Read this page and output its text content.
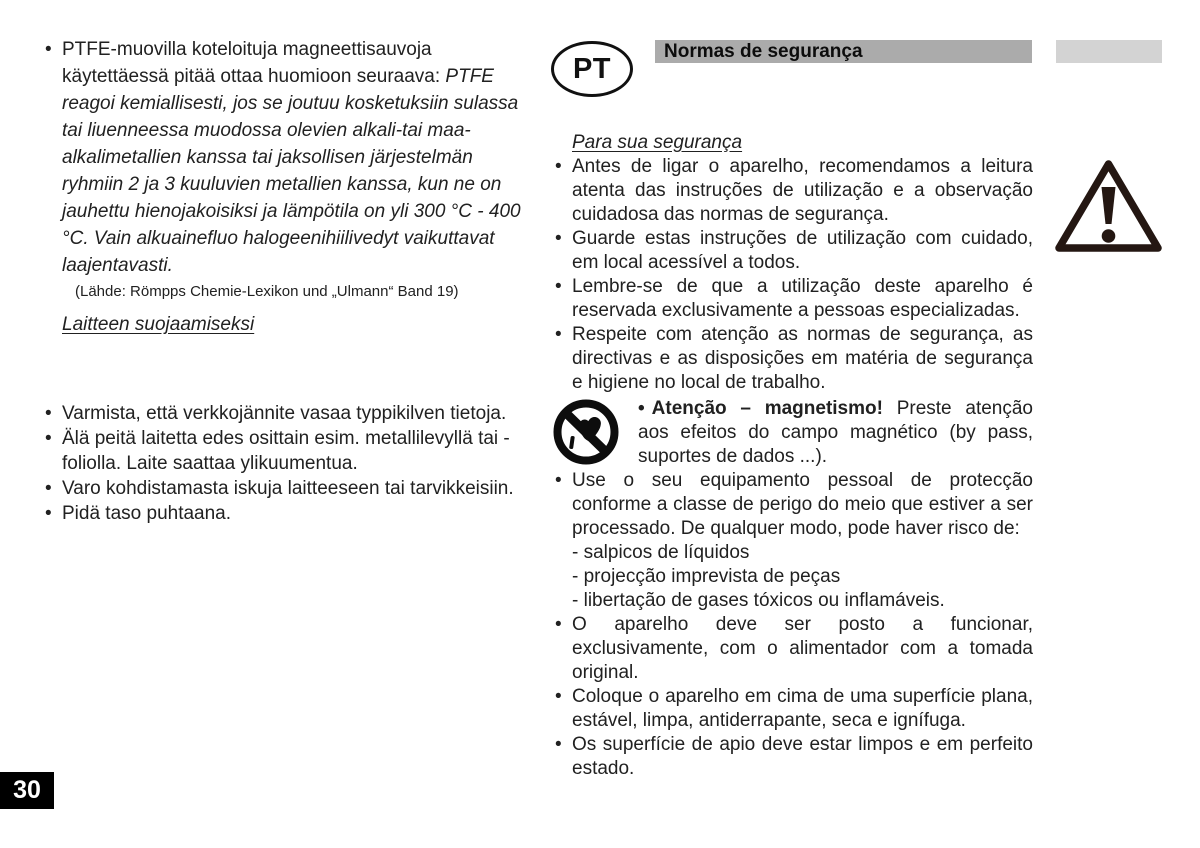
• PTFE-muovilla koteloituja magneettisauvoja käytettäessä pitää ottaa huomioon seuraava: PTFE reagoi kemiallisesti, jos se joutuu kosketuksiin sulassa tai liuenneessa muodossa olevien alkali-tai maa-alkalimetallien kanssa tai jaksollisen järjestelmän ryhmiin 2 ja 3 kuuluvien metallien kanssa, kun ne on jauhettu hienojakoisiksi ja lämpötila on yli 300 °C - 400 °C. Vain alkuainefluo halogeenihiilivedyt vaikuttavat laajentavasti.
(Lähde: Römpps Chemie-Lexikon und „Ulmann“ Band 19)
Laitteen suojaamiseksi
• Varmista, että verkkojännite vasaa typpikilven tietoja.
• Älä peitä laitetta edes osittain esim. metallilevyllä tai -foliolla. Laite saattaa ylikuumentua.
• Varo kohdistamasta iskuja laitteeseen tai tarvikkeisiin.
• Pidä taso puhtaana.
PT
Normas de segurança
Para sua segurança
• Antes de ligar o aparelho, recomendamos a leitura atenta das instruções de utilização e a observação cuidadosa das normas de segurança.
• Guarde estas instruções de utilização com cuidado, em local acessível a todos.
• Lembre-se de que a utilização deste aparelho é reservada exclusivamente a pessoas especializadas.
• Respeite com atenção as normas de segurança, as directivas e as disposições em matéria de segurança e higiene no local de trabalho.
• Atenção – magnetismo! Preste atenção aos efeitos do campo magnético (by pass, suportes de dados ...).
• Use o seu equipamento pessoal de protecção conforme a classe de perigo do meio que estiver a ser processado. De qualquer modo, pode haver risco de:
- salpicos de líquidos
- projecção imprevista de peças
- libertação de gases tóxicos ou inflamáveis.
• O aparelho deve ser posto a funcionar, exclusivamente, com o alimentador com a tomada original.
• Coloque o aparelho em cima de uma superfície plana, estável, limpa, antiderrapante, seca e ignífuga.
• Os superfície de apio deve estar limpos e em perfeito estado.
30
